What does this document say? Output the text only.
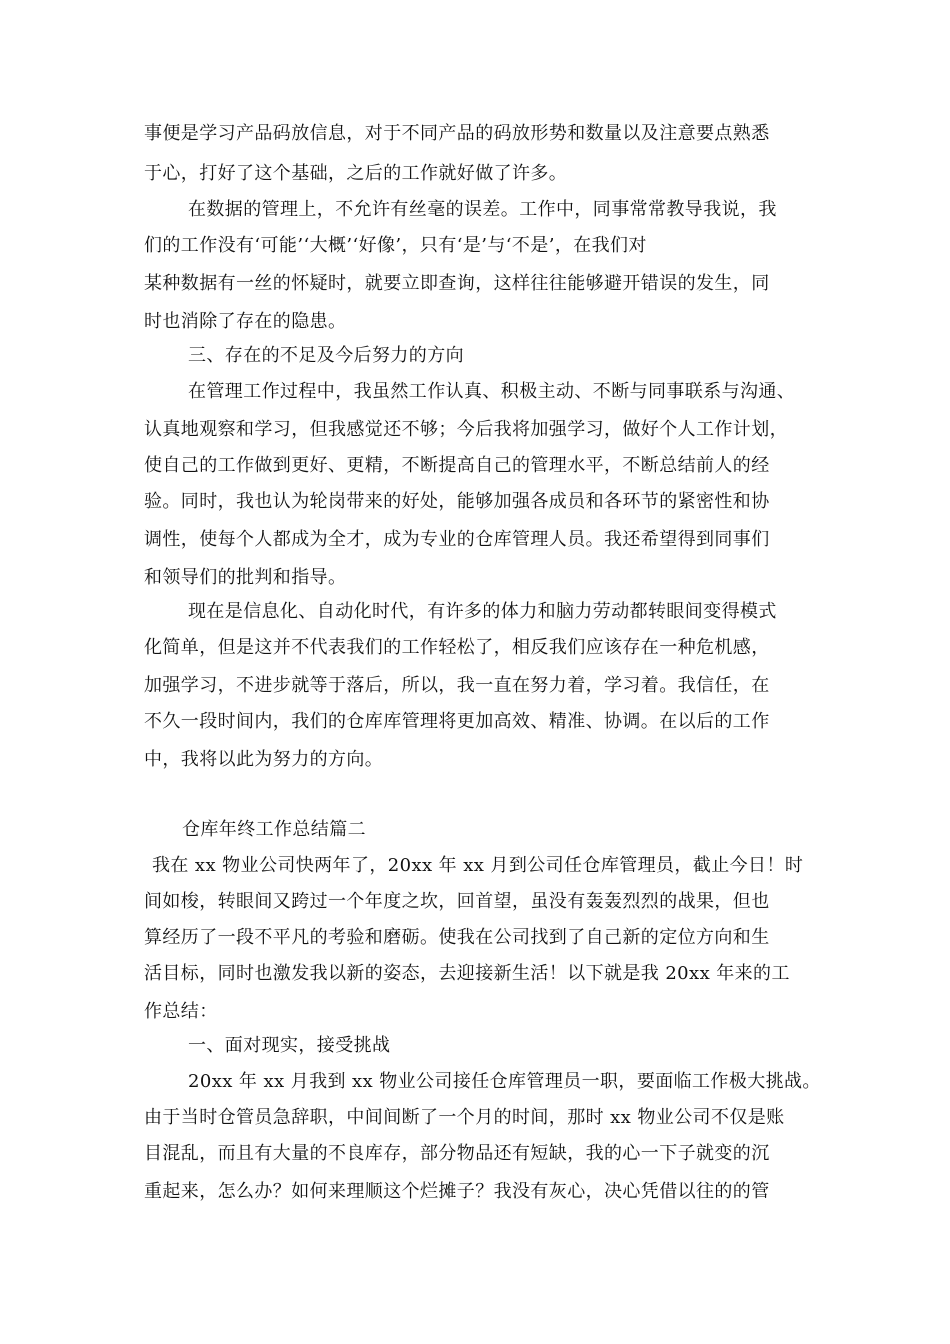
事便是学习产品码放信息，对于不同产品的码放形势和数量以及注意要点熟悉
于心，打好了这个基础，之后的工作就好做了许多。
在数据的管理上，不允许有丝毫的误差。工作中，同事常常教导我说，我
们的工作没有‘可能’‘大概’‘好像’，只有‘是’与‘不是’，在我们对
某种数据有一丝的怀疑时，就要立即查询，这样往往能够避开错误的发生，同
时也消除了存在的隐患。
三、存在的不足及今后努力的方向
在管理工作过程中，我虽然工作认真、积极主动、不断与同事联系与沟通、
认真地观察和学习，但我感觉还不够；今后我将加强学习，做好个人工作计划，
使自己的工作做到更好、更精，不断提高自己的管理水平，不断总结前人的经
验。同时，我也认为轮岗带来的好处，能够加强各成员和各环节的紧密性和协
调性，使每个人都成为全才，成为专业的仓库管理人员。我还希望得到同事们
和领导们的批判和指导。
现在是信息化、自动化时代，有许多的体力和脑力劳动都转眼间变得模式
化简单，但是这并不代表我们的工作轻松了，相反我们应该存在一种危机感，
加强学习，不进步就等于落后，所以，我一直在努力着，学习着。我信任，在
不久一段时间内，我们的仓库库管理将更加高效、精准、协调。在以后的工作
中，我将以此为努力的方向。
仓库年终工作总结篇二
我在 xx 物业公司快两年了，20xx 年 xx 月到公司任仓库管理员，截止今日！时
间如梭，转眼间又跨过一个年度之坎，回首望，虽没有轰轰烈烈的战果，但也
算经历了一段不平凡的考验和磨砺。使我在公司找到了自己新的定位方向和生
活目标，同时也激发我以新的姿态，去迎接新生活！以下就是我 20xx 年来的工
作总结：
一、面对现实，接受挑战
20xx 年 xx 月我到 xx 物业公司接任仓库管理员一职，要面临工作极大挑战。
由于当时仓管员急辞职，中间间断了一个月的时间，那时 xx 物业公司不仅是账
目混乱，而且有大量的不良库存，部分物品还有短缺，我的心一下子就变的沉
重起来，怎么办？如何来理顺这个烂摊子？我没有灰心，决心凭借以往的的管
